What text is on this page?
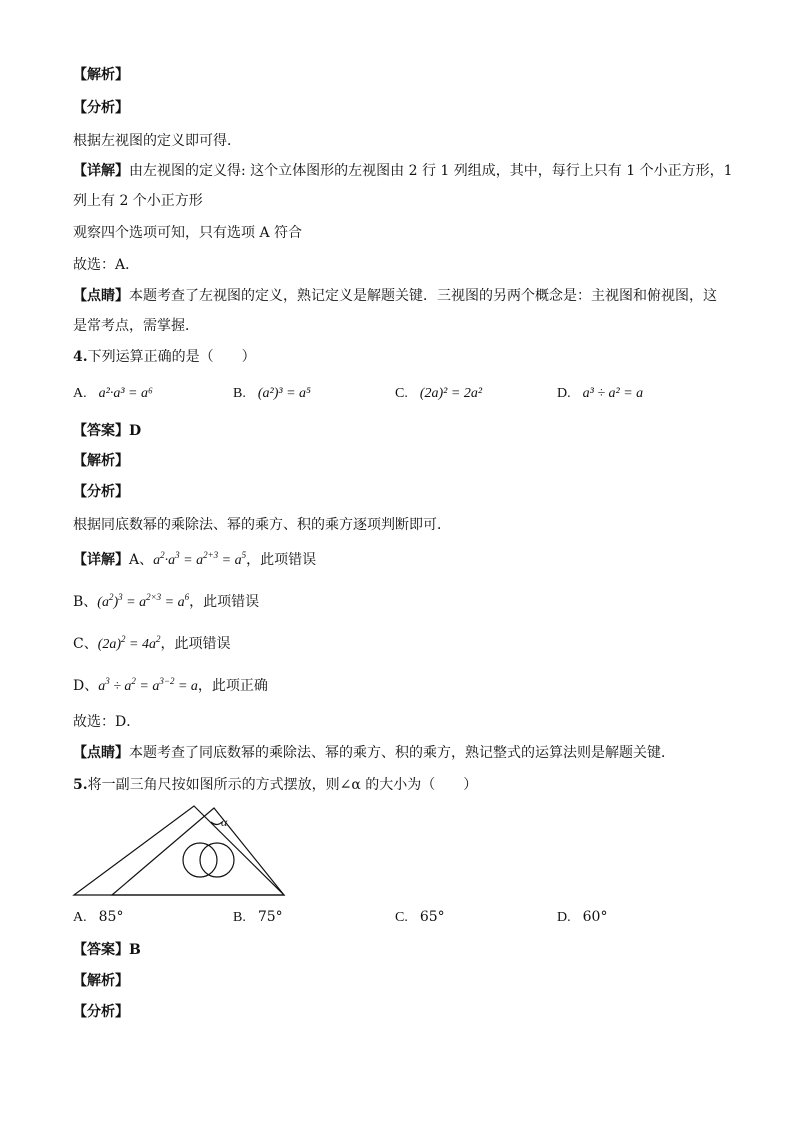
【解析】
【分析】
根据左视图的定义即可得．
【详解】由左视图的定义得: 这个立体图形的左视图由 2 行 1 列组成，其中，每行上只有 1 个小正方形，1
列上有 2 个小正方形
观察四个选项可知，只有选项 A 符合
故选：A．
【点睛】本题考查了左视图的定义，熟记定义是解题关键．三视图的另两个概念是：主视图和俯视图，这
是常考点，需掌握．
4.下列运算正确的是（　　）
A. a²·a³ = a⁶	B. (a²)³ = a⁵	C. (2a)² = 2a²	D. a³ ÷ a² = a
【答案】D
【解析】
【分析】
根据同底数幂的乘除法、幂的乘方、积的乘方逐项判断即可．
【详解】A、$a^2\cdot a^3 = a^{2+3} = a^5$，此项错误
B、$(a^2)^3 = a^{2\times 3} = a^6$，此项错误
C、$(2a)^2 = 4a^2$，此项错误
D、$a^3 \div a^2 = a^{3-2} = a$，此项正确
故选：D．
【点睛】本题考查了同底数幂的乘除法、幂的乘方、积的乘方，熟记整式的运算法则是解题关键．
5.将一副三角尺按如图所示的方式摆放，则∠α 的大小为（　　）
α
A. 85°	B. 75°	C. 65°	D. 60°
【答案】B
【解析】
【分析】
